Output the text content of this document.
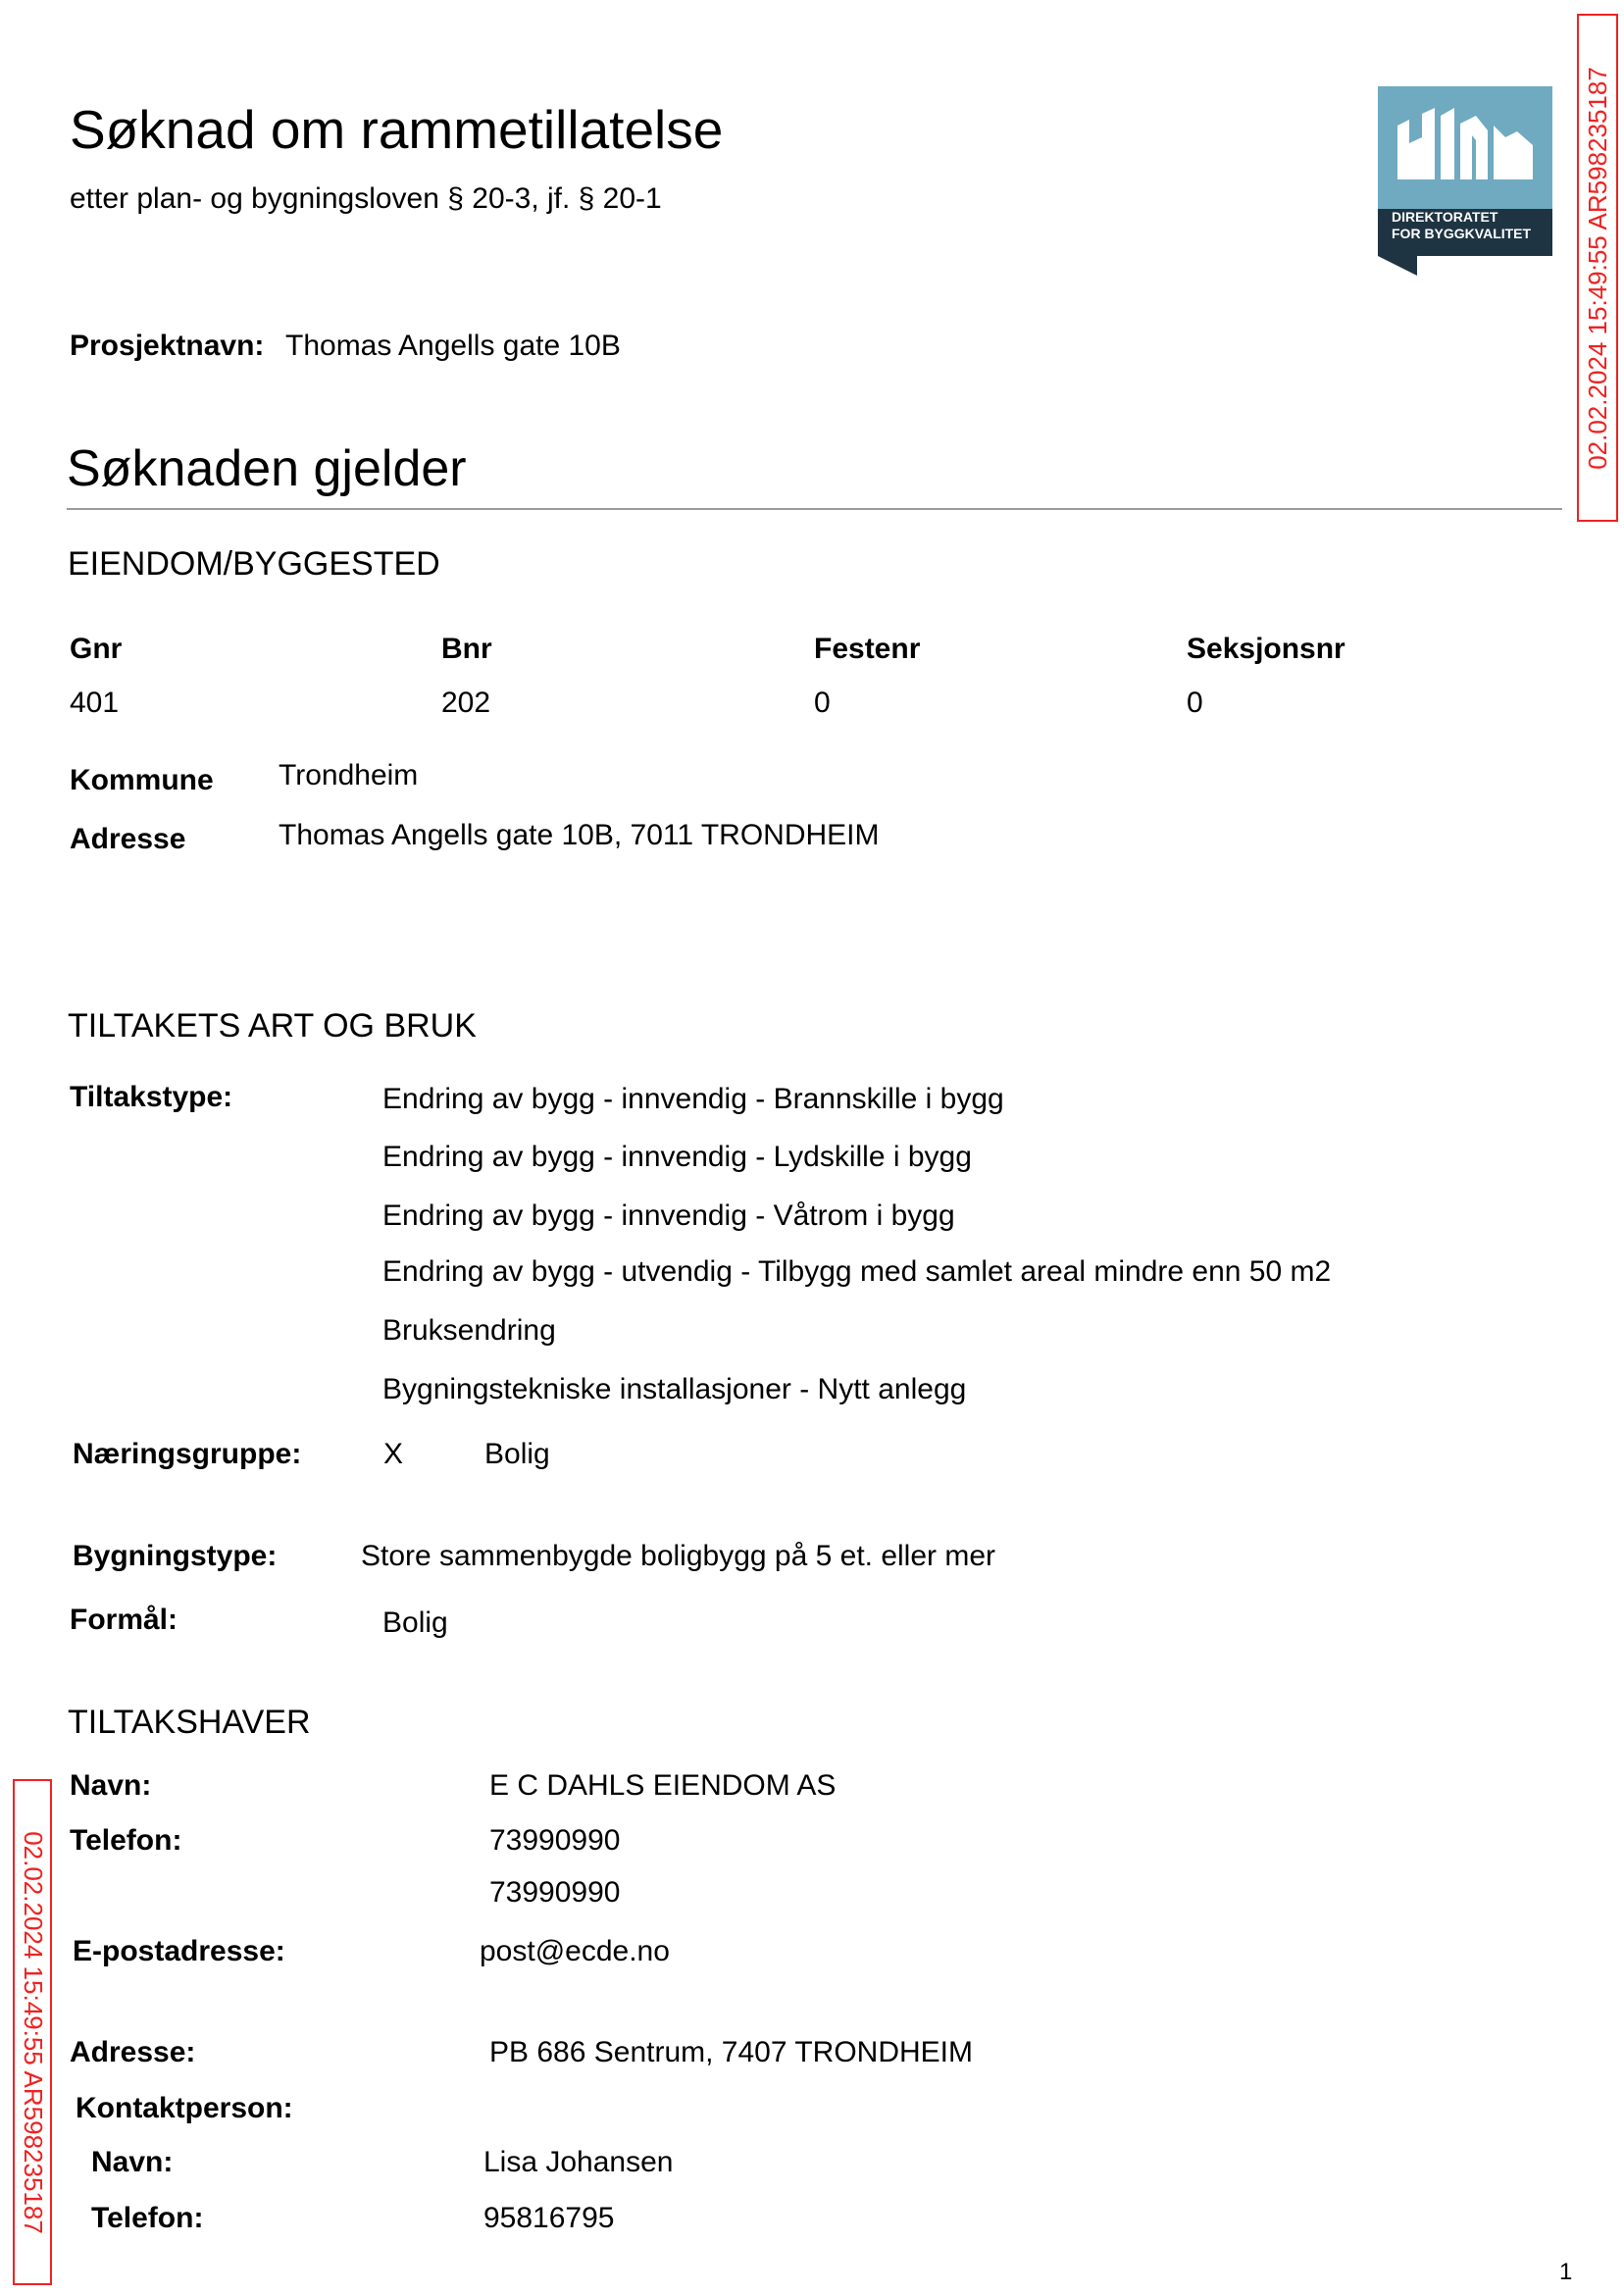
Søknad om rammetillatelse
etter plan- og bygningsloven § 20-3, jf. § 20-1
Prosjektnavn: Thomas Angells gate 10B
DIREKTORATET
FOR BYGGKVALITET 02.02.2024 15:49:55 AR598235187
02.02.2024 15:49:55 AR598235187
Søknaden gjelder
EIENDOM/BYGGESTED
Gnr	Bnr	Festenr	Seksjonsnr
401	202	0	0
Kommune Trondheim
Adresse	Thomas Angells gate 10B, 7011 TRONDHEIM
TILTAKETS ART OG BRUK
Tiltakstype:	Endring av bygg - innvendig - Brannskille i bygg
Endring av bygg - innvendig - Lydskille i bygg
Endring av bygg - innvendig - Våtrom i bygg
Endring av bygg - utvendig - Tilbygg med samlet areal mindre enn 50 m2
Bruksendring
Bygningstekniske installasjoner - Nytt anlegg
Næringsgruppe:	X	Bolig
Bygningstype:	Store sammenbygde boligbygg på 5 et. eller mer
Formål:	Bolig
TILTAKSHAVER
Navn:	E C DAHLS EIENDOM AS
Telefon:	73990990
73990990
E-postadresse:	post@ecde.no
Adresse:	PB 686 Sentrum, 7407 TRONDHEIM
Kontaktperson:
Navn:	Lisa Johansen
Telefon:	95816795
1
